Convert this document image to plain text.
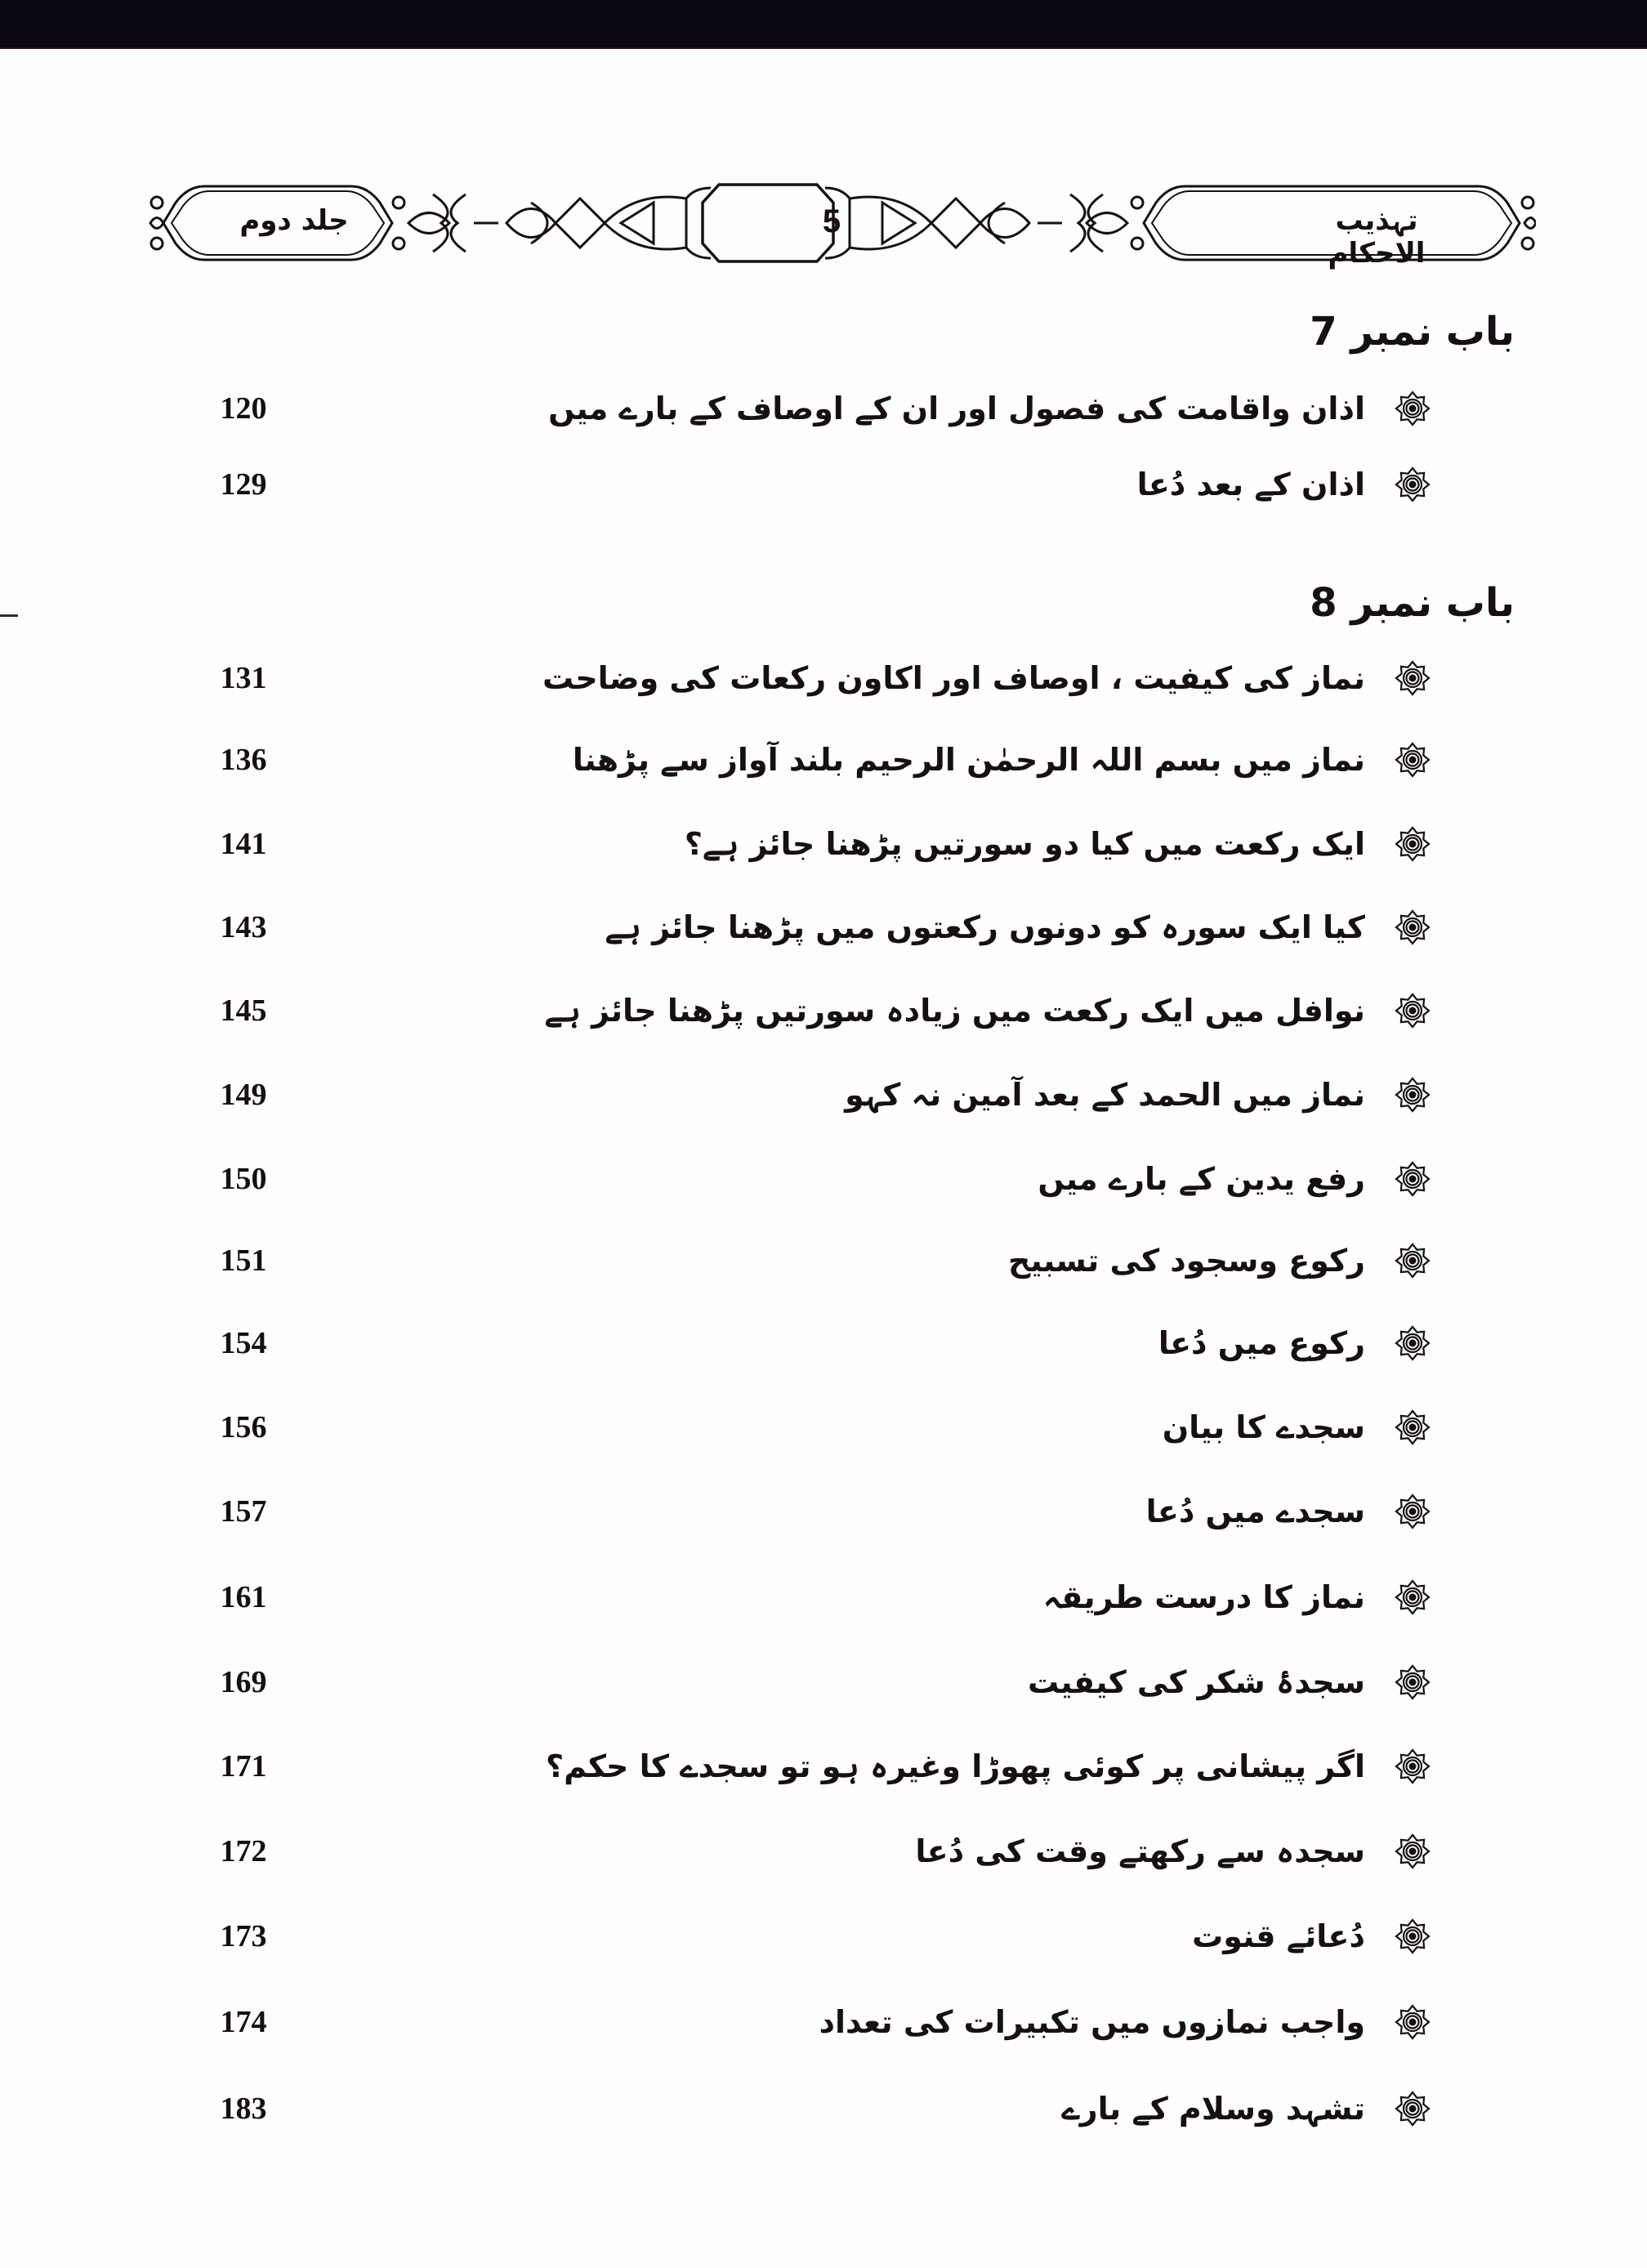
جلد دوم	تہذیب الاحکام
5
باب نمبر 7
اذان واقامت کی فصول اور ان کے اوصاف کے بارے میں
120
اذان کے بعد دُعا
129
باب نمبر 8
نماز کی کیفیت ، اوصاف اور اکاون رکعات کی وضاحت
131
نماز میں بسم اللہ الرحمٰن الرحیم بلند آواز سے پڑھنا
136
ایک رکعت میں کیا دو سورتیں پڑھنا جائز ہے؟
141
کیا ایک سورہ کو دونوں رکعتوں میں پڑھنا جائز ہے
143
نوافل میں ایک رکعت میں زیادہ سورتیں پڑھنا جائز ہے
145
نماز میں الحمد کے بعد آمین نہ کہو
149
رفع یدین کے بارے میں
150
رکوع وسجود کی تسبیح
151
رکوع میں دُعا
154
سجدے کا بیان
156
سجدے میں دُعا
157
نماز کا درست طریقہ
161
سجدۂ شکر کی کیفیت
169
اگر پیشانی پر کوئی پھوڑا وغیرہ ہو تو سجدے کا حکم؟
171
سجدہ سے رکھتے وقت کی دُعا
172
دُعائے قنوت
173
واجب نمازوں میں تکبیرات کی تعداد
174
تشہد وسلام کے بارے
183
